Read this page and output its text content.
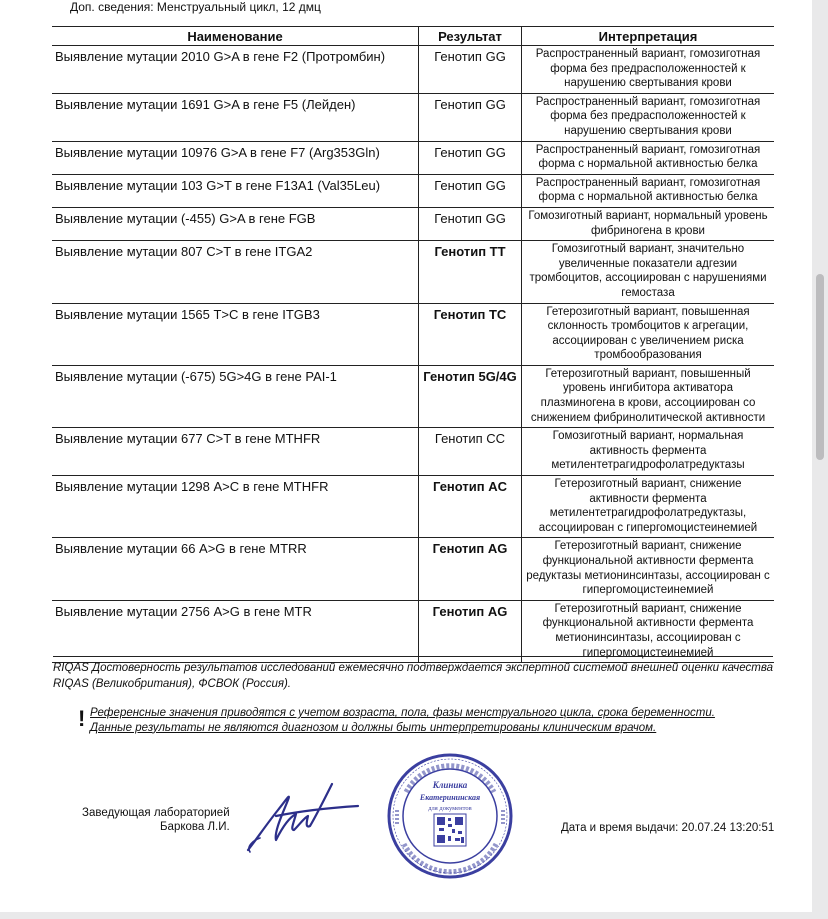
Доп. сведения: Менструальный цикл, 12 дмц
Наименование	Результат	Интерпретация
Выявление мутации 2010 G>A в гене F2 (Протромбин)	Генотип GG	Распространенный вариант, гомозиготная форма без предрасположенностей к нарушению свертывания крови
Выявление мутации 1691 G>A в гене F5 (Лейден)	Генотип GG	Распространенный вариант, гомозиготная форма без предрасположенностей к нарушению свертывания крови
Выявление мутации 10976 G>A в гене F7 (Arg353Gln)	Генотип GG	Распространенный вариант, гомозиготная форма с нормальной активностью белка
Выявление мутации 103 G>T в гене F13A1 (Val35Leu)	Генотип GG	Распространенный вариант, гомозиготная форма с нормальной активностью белка
Выявление мутации (-455) G>A в гене FGB	Генотип GG	Гомозиготный вариант, нормальный уровень фибриногена в крови
Выявление мутации 807 C>T в гене ITGA2	Генотип TT	Гомозиготный вариант, значительно увеличенные показатели адгезии тромбоцитов, ассоциирован с нарушениями гемостаза
Выявление мутации 1565 T>C в гене ITGB3	Генотип TC	Гетерозиготный вариант, повышенная склонность тромбоцитов к агрегации, ассоциирован с увеличением риска тромбообразования
Выявление мутации (-675) 5G>4G в гене PAI-1	Генотип 5G/4G	Гетерозиготный вариант, повышенный уровень ингибитора активатора плазминогена в крови, ассоциирован со снижением фибринолитической активности
Выявление мутации 677 C>T в гене MTHFR	Генотип CC	Гомозиготный вариант, нормальная активность фермента метилентетрагидрофолатредуктазы
Выявление мутации 1298 A>C в гене MTHFR	Генотип AC	Гетерозиготный вариант, снижение активности фермента метилентетрагидрофолатредуктазы, ассоциирован с гипергомоцистеинемией
Выявление мутации 66 A>G в гене MTRR	Генотип AG	Гетерозиготный вариант, снижение функциональной активности фермента редуктазы метионинсинтазы, ассоциирован с гипергомоцистеинемией
Выявление мутации 2756 A>G в гене MTR	Генотип AG	Гетерозиготный вариант, снижение функциональной активности фермента метионинсинтазы, ассоциирован с гипергомоцистеинемией
RIQAS Достоверность результатов исследований ежемесячно подтверждается экспертной системой внешней оценки качества RIQAS (Великобритания), ФСВОК (Россия).
! Референсные значения приводятся с учетом возраста, пола, фазы менструального цикла, срока беременности.

Данные результаты не являются диагнозом и должны быть интерпретированы клиническим врачом.

Заведующая лабораторией
Баркова Л.И.
Клиника
Екатерининская
для документов
Дата и время выдачи: 20.07.24 13:20:51
